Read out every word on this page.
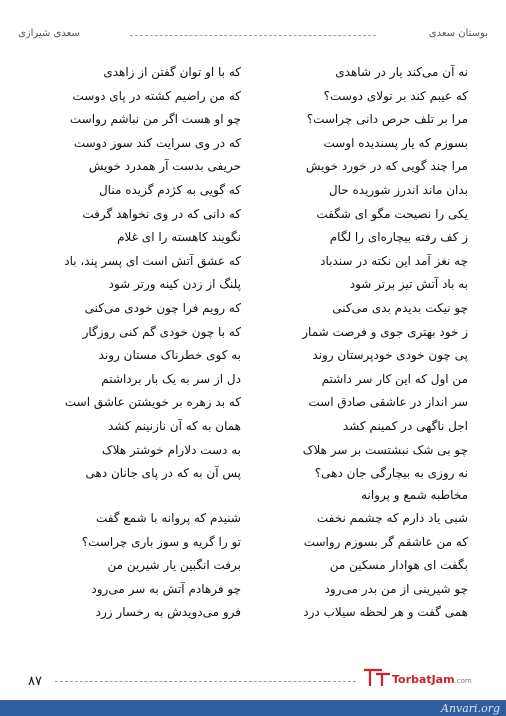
بوستان سعدی
سعدی شیرازی
نه آن می‌کند یار در شاهدی
که با او توان گفتن از زاهدی
که عیبم کند بر تولای دوست؟
که من راضیم کشته در پای دوست
مرا بر تلف حرص دانی چراست؟
چو او هست اگر من نباشم رواست
بسوزم که یار پسندیده اوست
که در وی سرایت کند سوز دوست
مرا چند گویی که در خورد خویش
حریفی بدست آر همدرد خویش
بدان ماند اندرز شوریده حال
که گویی به کژدم گزیده منال
یکی را نصیحت مگو ای شگفت
که دانی که در وی نخواهد گرفت
ز کف رفته بیچاره‌ای را لگام
نگویند کاهسته را ای غلام
چه نغز آمد این نکته در سندباد
که عشق آتش است ای پسر پند، باد
به باد آتش تیز برتر شود
پلنگ از زدن کینه ورتر شود
چو نیکت بدیدم بدی می‌کنی
که رویم فرا چون خودی می‌کنی
ز خود بهتری جوی و فرصت شمار
که با چون خودی گم کنی روزگار
پی چون خودی خودپرستان روند
به کوی خطرناک مستان روند
من اول که این کار سر داشتم
دل از سر به یک بار برداشتم
سر انداز در عاشقی صادق است
که بد زهره بر خویشتن عاشق است
اجل ناگهی در کمینم کشد
همان به که آن نازنینم کشد
چو بی شک نبشتست بر سر هلاک
به دست دلارام خوشتر هلاک
نه روزی به بیچارگی جان دهی؟
پس آن به که در پای جانان دهی
مخاطبه شمع و پروانه
شبی یاد دارم که چشمم نخفت
شنیدم که پروانه با شمع گفت
که من عاشقم گر بسوزم رواست
تو را گریه و سوز باری چراست؟
بگفت ای هوادار مسکین من
برفت انگبین یار شیرین من
چو شیرینی از من بدر می‌رود
چو فرهادم آتش به سر می‌رود
همی گفت و هر لحظه سیلاب درد
فرو می‌دویدش به رخسار زرد
۸۷	TorbatJam.com
Anvari.org
